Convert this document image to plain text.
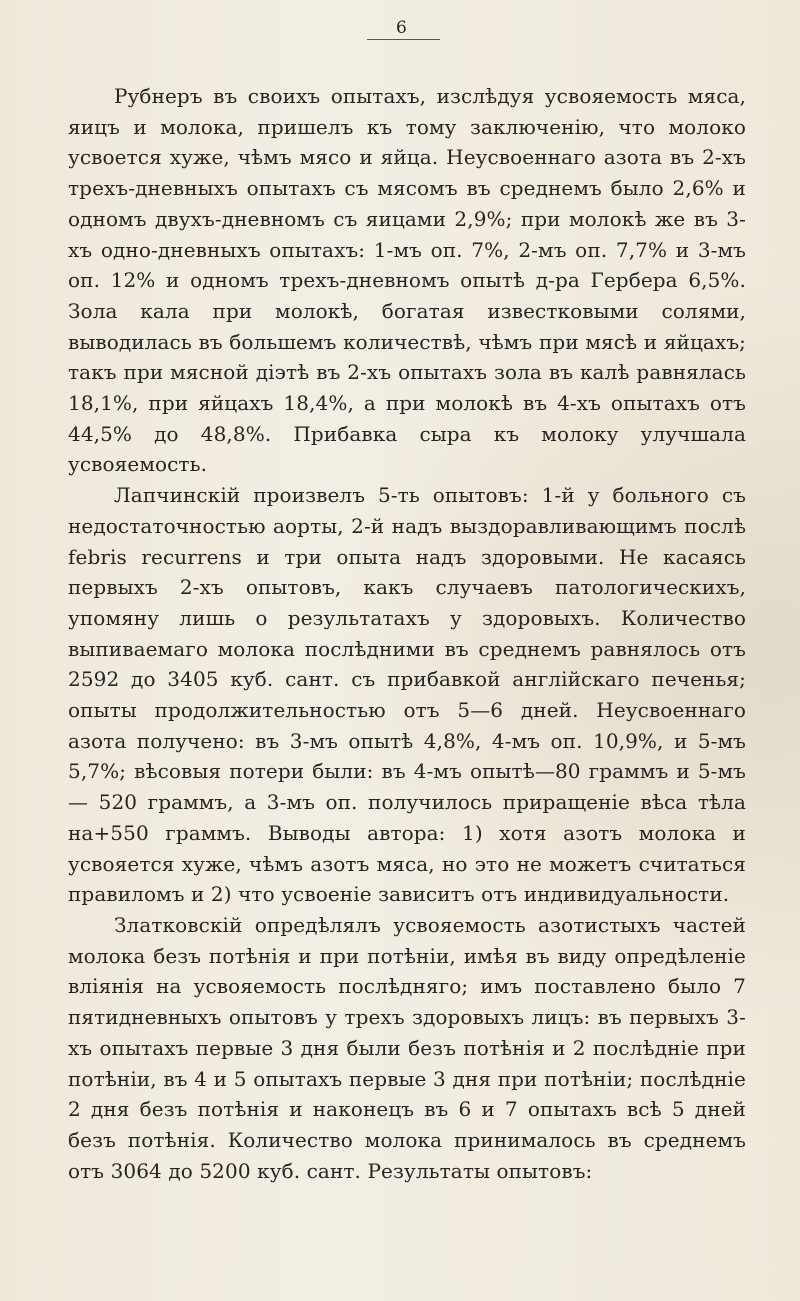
6

Рубнеръ въ своихъ опытахъ, изслѣдуя усвояемость мяса, яицъ и молока, пришелъ къ тому заключенію, что молоко усвоется хуже, чѣмъ мясо и яйца. Неусвоеннаго азота въ 2-хъ трехъ-дневныхъ опытахъ съ мясомъ въ среднемъ было 2,6% и одномъ двухъ-дневномъ съ яицами 2,9%; при молокѣ же въ 3-хъ одно-дневныхъ опытахъ: 1-мъ оп. 7%, 2-мъ оп. 7,7% и 3-мъ оп. 12% и одномъ трехъ-дневномъ опытѣ д-ра Гербера 6,5%. Зола кала при молокѣ, богатая известковыми солями, выводилась въ большемъ количествѣ, чѣмъ при мясѣ и яйцахъ; такъ при мясной діэтѣ въ 2-хъ опытахъ зола въ калѣ равнялась 18,1%, при яйцахъ 18,4%, а при молокѣ въ 4-хъ опытахъ отъ 44,5% до 48,8%. Прибавка сыра къ молоку улучшала усвояемость.

Лапчинскій произвелъ 5-ть опытовъ: 1-й у больного съ недостаточностью аорты, 2-й надъ выздоравливающимъ послѣ febris recurrens и три опыта надъ здоровыми. Не касаясь первыхъ 2-хъ опытовъ, какъ случаевъ патологическихъ, упомяну лишь о результатахъ у здоровыхъ. Количество выпиваемаго молока послѣдними въ среднемъ равнялось отъ 2592 до 3405 куб. сант. съ прибавкой англійскаго печенья; опыты продолжительностью отъ 5—6 дней. Неусвоеннаго азота получено: въ 3-мъ опытѣ 4,8%, 4-мъ оп. 10,9%, и 5-мъ 5,7%; вѣсовыя потери были: въ 4-мъ опытѣ—80 граммъ и 5-мъ — 520 граммъ, а 3-мъ оп. получилось приращеніе вѣса тѣла на+550 граммъ. Выводы автора: 1) хотя азотъ молока и усвояется хуже, чѣмъ азотъ мяса, но это не можетъ считаться правиломъ и 2) что усвоеніе зависитъ отъ индивидуальности.

Златковскій опредѣлялъ усвояемость азотистыхъ частей молока безъ потѣнія и при потѣніи, имѣя въ виду опредѣленіе вліянія на усвояемость послѣдняго; имъ поставлено было 7 пятидневныхъ опытовъ у трехъ здоровыхъ лицъ: въ первыхъ 3-хъ опытахъ первые 3 дня были безъ потѣнія и 2 послѣдніе при потѣніи, въ 4 и 5 опытахъ первые 3 дня при потѣніи; послѣдніе 2 дня безъ потѣнія и наконецъ въ 6 и 7 опытахъ всѣ 5 дней безъ потѣнія. Количество молока принималось въ среднемъ отъ 3064 до 5200 куб. сант. Результаты опытовъ:
